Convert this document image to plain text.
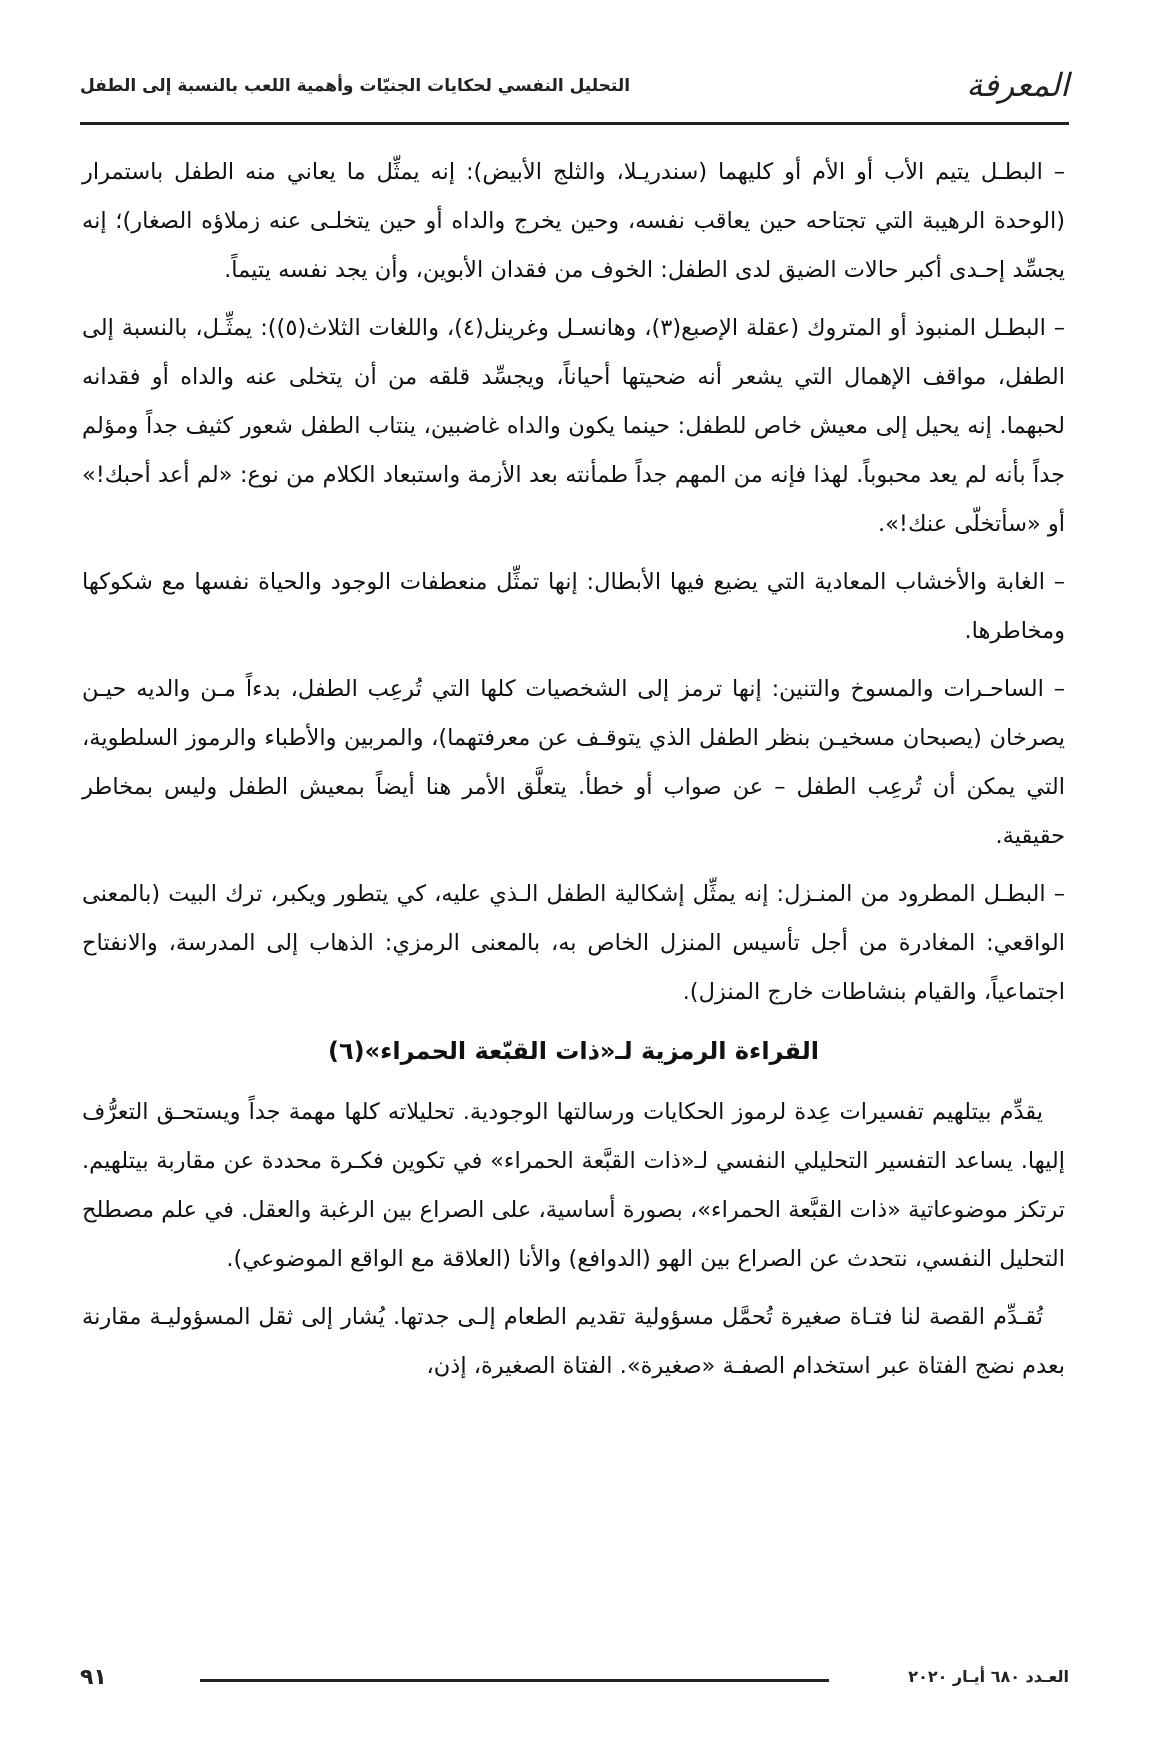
المعرفة
التحليل النفسي لحكايات الجنيّات وأهمية اللعب بالنسبة إلى الطفل

– البطـل يتيم الأب أو الأم أو كليهما (سندريـلا، والثلج الأبيض): إنه يمثِّل ما يعاني منه الطفل باستمرار (الوحدة الرهيبة التي تجتاحه حين يعاقب نفسه، وحين يخرج والداه أو حين يتخلـى عنه زملاؤه الصغار)؛ إنه يجسِّد إحـدى أكبر حالات الضيق لدى الطفل: الخوف من فقدان الأبوين، وأن يجد نفسه يتيماً.

– البطـل المنبوذ أو المتروك (عقلة الإصبع(٣)، وهانسـل وغرينل(٤)، واللغات الثلاث(٥)): يمثِّـل، بالنسبة إلى الطفل، مواقف الإهمال التي يشعر أنه ضحيتها أحياناً، ويجسِّد قلقه من أن يتخلى عنه والداه أو فقدانه لحبهما. إنه يحيل إلى معيش خاص للطفل: حينما يكون والداه غاضبين، ينتاب الطفل شعور كثيف جداً ومؤلم جداً بأنه لم يعد محبوباً. لهذا فإنه من المهم جداً طمأنته بعد الأزمة واستبعاد الكلام من نوع: «لم أعد أحبك!» أو «سأتخلّى عنك!».

– الغابة والأخشاب المعادية التي يضيع فيها الأبطال: إنها تمثِّل منعطفات الوجود والحياة نفسها مع شكوكها ومخاطرها.

– الساحـرات والمسوخ والتنين: إنها ترمز إلى الشخصيات كلها التي تُرعِب الطفل، بدءاً مـن والديه حيـن يصرخان (يصبحان مسخيـن بنظر الطفل الذي يتوقـف عن معرفتهما)، والمربين والأطباء والرموز السلطوية، التي يمكن أن تُرعِب الطفل – عن صواب أو خطأ. يتعلَّق الأمر هنا أيضاً بمعيش الطفل وليس بمخاطر حقيقية.

– البطـل المطرود من المنـزل: إنه يمثِّل إشكالية الطفل الـذي عليه، كي يتطور ويكبر، ترك البيت (بالمعنى الواقعي: المغادرة من أجل تأسيس المنزل الخاص به، بالمعنى الرمزي: الذهاب إلى المدرسة، والانفتاح اجتماعياً، والقيام بنشاطات خارج المنزل).

القراءة الرمزية لـ«ذات القبّعة الحمراء»(٦)

يقدِّم بيتلهيم تفسيرات عِدة لرموز الحكايات ورسالتها الوجودية. تحليلاته كلها مهمة جداً ويستحـق التعرُّف إليها. يساعد التفسير التحليلي النفسي لـ«ذات القبَّعة الحمراء» في تكوين فكـرة محددة عن مقاربة بيتلهيم. ترتكز موضوعاتية «ذات القبَّعة الحمراء»، بصورة أساسية، على الصراع بين الرغبة والعقل. في علم مصطلح التحليل النفسي، نتحدث عن الصراع بين الهو (الدوافع) والأنا (العلاقة مع الواقع الموضوعي).

تُقـدِّم القصة لنا فتـاة صغيرة تُحمَّل مسؤولية تقديم الطعام إلـى جدتها. يُشار إلى ثقل المسؤوليـة مقارنة بعدم نضج الفتاة عبر استخدام الصفـة «صغيرة». الفتاة الصغيرة، إذن،

٩١	العـدد ٦٨٠ أيـار ٢٠٢٠
